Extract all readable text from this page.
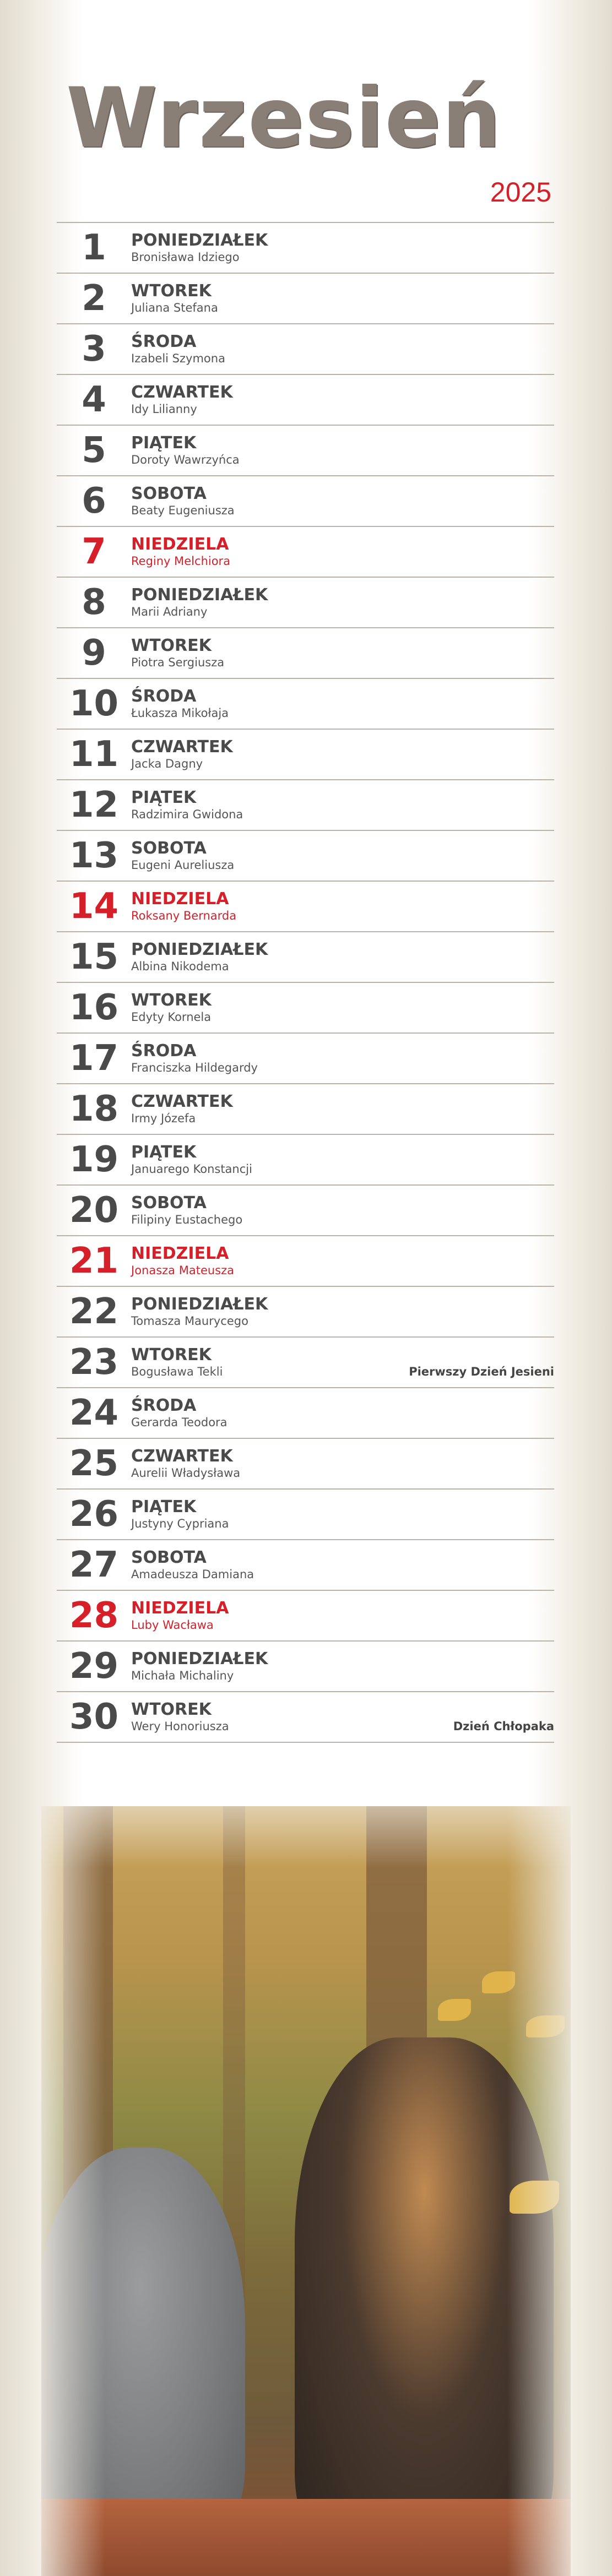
Wrzesień
2025
1	PONIEDZIAŁEK
Bronisława Idziego
2	WTOREK
Juliana Stefana
3	ŚRODA
Izabeli Szymona
4	CZWARTEK
Idy Lilianny
5	PIĄTEK
Doroty Wawrzyńca
6	SOBOTA
Beaty Eugeniusza
7	NIEDZIELA
Reginy Melchiora
8	PONIEDZIAŁEK
Marii Adriany
9	WTOREK
Piotra Sergiusza
10 ŚRODA
Łukasza Mikołaja
11 CZWARTEK
Jacka Dagny
12 PIĄTEK
Radzimira Gwidona
13 SOBOTA
Eugeni Aureliusza
14 NIEDZIELA
Roksany Bernarda
15 PONIEDZIAŁEK
Albina Nikodema
16 WTOREK
Edyty Kornela
17 ŚRODA
Franciszka Hildegardy
18 CZWARTEK
Irmy Józefa
19 PIĄTEK
Januarego Konstancji
20 SOBOTA
Filipiny Eustachego
21 NIEDZIELA
Jonasza Mateusza
22 PONIEDZIAŁEK
Tomasza Maurycego
23 WTOREK
Bogusława Tekli	Pierwszy Dzień Jesieni
24 ŚRODA
Gerarda Teodora
25 CZWARTEK
Aurelii Władysława
26 PIĄTEK
Justyny Cypriana
27 SOBOTA
Amadeusza Damiana
28 NIEDZIELA
Luby Wacława
29 PONIEDZIAŁEK
Michała Michaliny
30 WTOREK
Wery Honoriusza	Dzień Chłopaka
